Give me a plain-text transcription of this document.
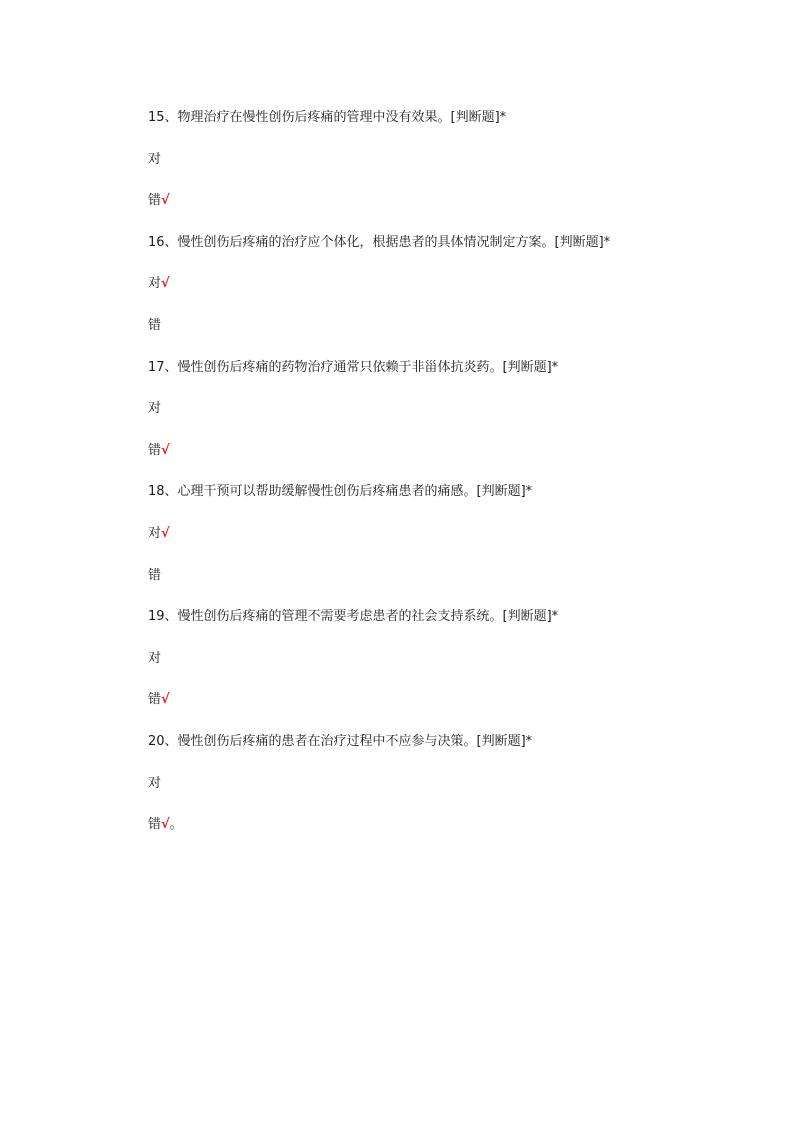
15、物理治疗在慢性创伤后疼痛的管理中没有效果。[判断题]*
对
错√
16、慢性创伤后疼痛的治疗应个体化，根据患者的具体情况制定方案。[判断题]*
对√
错
17、慢性创伤后疼痛的药物治疗通常只依赖于非甾体抗炎药。[判断题]*
对
错√
18、心理干预可以帮助缓解慢性创伤后疼痛患者的痛感。[判断题]*
对√
错
19、慢性创伤后疼痛的管理不需要考虑患者的社会支持系统。[判断题]*
对
错√
20、慢性创伤后疼痛的患者在治疗过程中不应参与决策。[判断题]*
对
错√。
